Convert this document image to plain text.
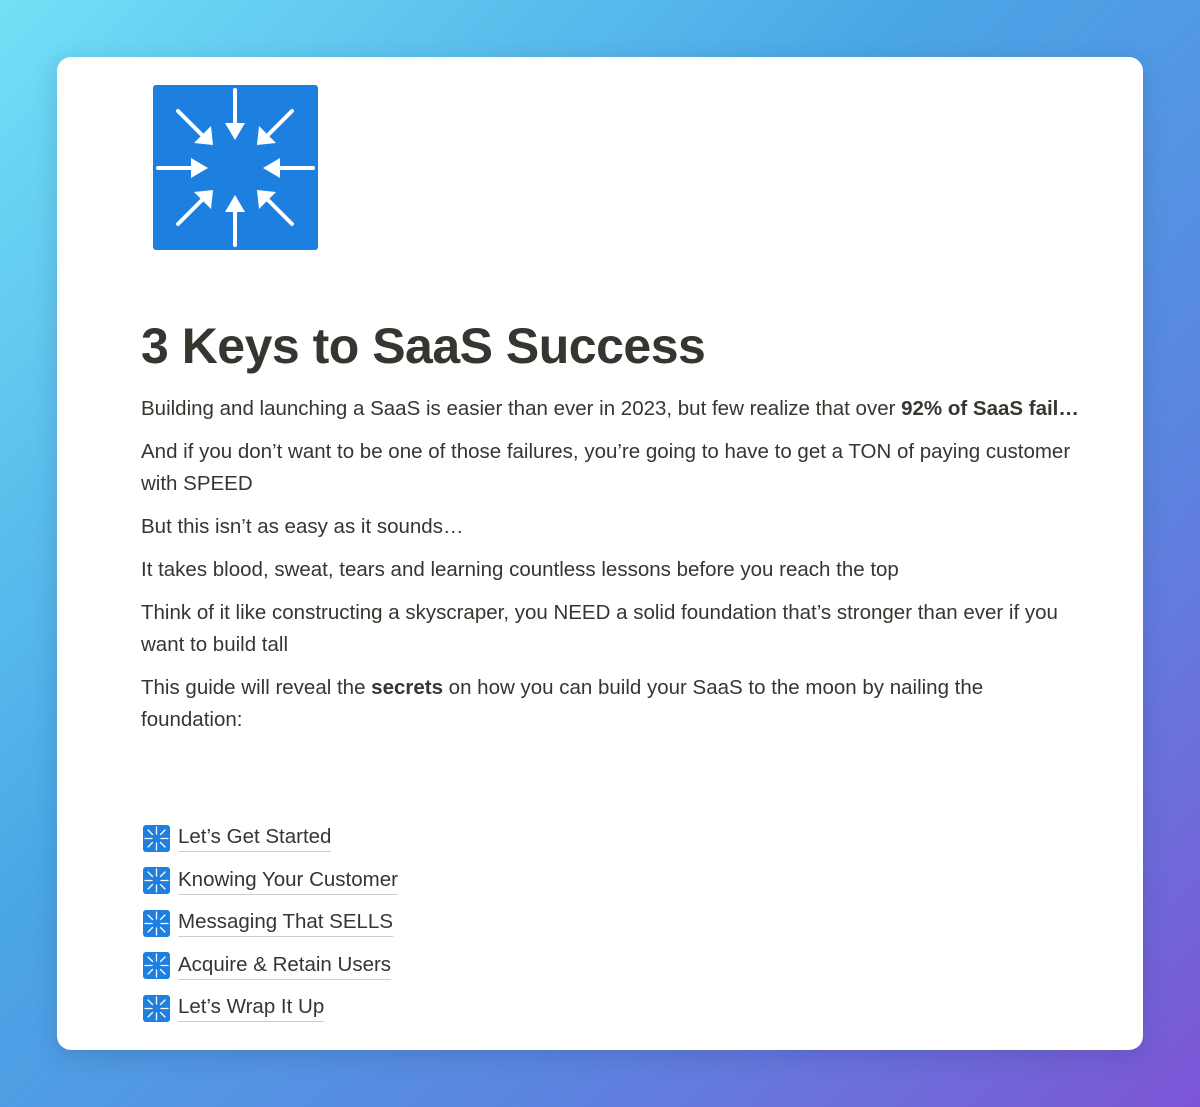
3 Keys to SaaS Success

Building and launching a SaaS is easier than ever in 2023, but few realize that over 92% of SaaS fail…

And if you don’t want to be one of those failures, you’re going to have to get a TON of paying customer with SPEED

But this isn’t as easy as it sounds…

It takes blood, sweat, tears and learning countless lessons before you reach the top

Think of it like constructing a skyscraper, you NEED a solid foundation that’s stronger than ever if you want to build tall

This guide will reveal the secrets on how you can build your SaaS to the moon by nailing the foundation:

Let’s Get Started
Knowing Your Customer
Messaging That SELLS
Acquire & Retain Users
Let’s Wrap It Up
